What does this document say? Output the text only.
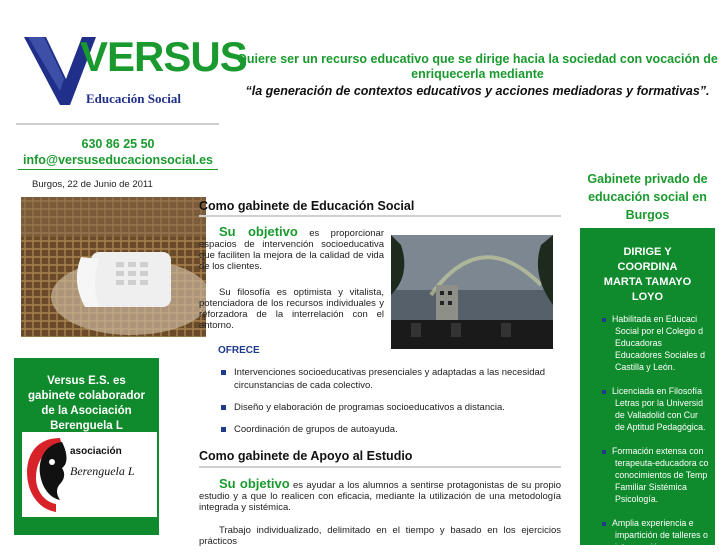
VERSUS
Educación Social
Quiere ser un recurso educativo que se dirige hacia la sociedad con vocación de
enriquecerla mediante
“la generación de contextos educativos y acciones mediadoras y formativas”.
630 86 25 50
info@versuseducacionsocial.es
Burgos, 22 de Junio de 2011
Como gabinete de Educación Social
Su objetivo es proporcionar espacios de intervención socioeducativa que faciliten la mejora de la calidad de vida de los clientes.
Su filosofía es optimista y vitalista, potenciadora de los recursos individuales y reforzadora de la interrelación con el entorno.
OFRECE
Intervenciones socioeducativas presenciales y adaptadas a las necesidad
circunstancias de cada colectivo.
Diseño y elaboración de programas socioeducativos a distancia.
Coordinación de grupos de autoayuda.
Como gabinete de Apoyo al Estudio
Su objetivo es ayudar a los alumnos a sentirse protagonistas de su propio estudio y a que lo realicen con eficacia, mediante la utilización de una metodología integrada y sistémica.
Trabajo individualizado, delimitado en el tiempo y basado en los ejercicios prácticos
Versus E.S. es
gabinete colaborador
de la Asociación
Berenguela L
asociación
Berenguela L
Gabinete privado de
educación social en
Burgos
DIRIGE Y
COORDINA
MARTA TAMAYO
LOYO
Habilitada en Educaci
Social por el Colegio d
Educadoras
Educadores Sociales d
Castilla y León.
Licenciada en Filosofía
Letras por la Universid
de Valladolid con Cur
de Aptitud Pedagógica.
Formación extensa con
terapeuta-educadora co
conocimientos de Temp
Familiar Sistémica
Psicología.
Amplia experiencia e
impartición de talleres o
intervención
